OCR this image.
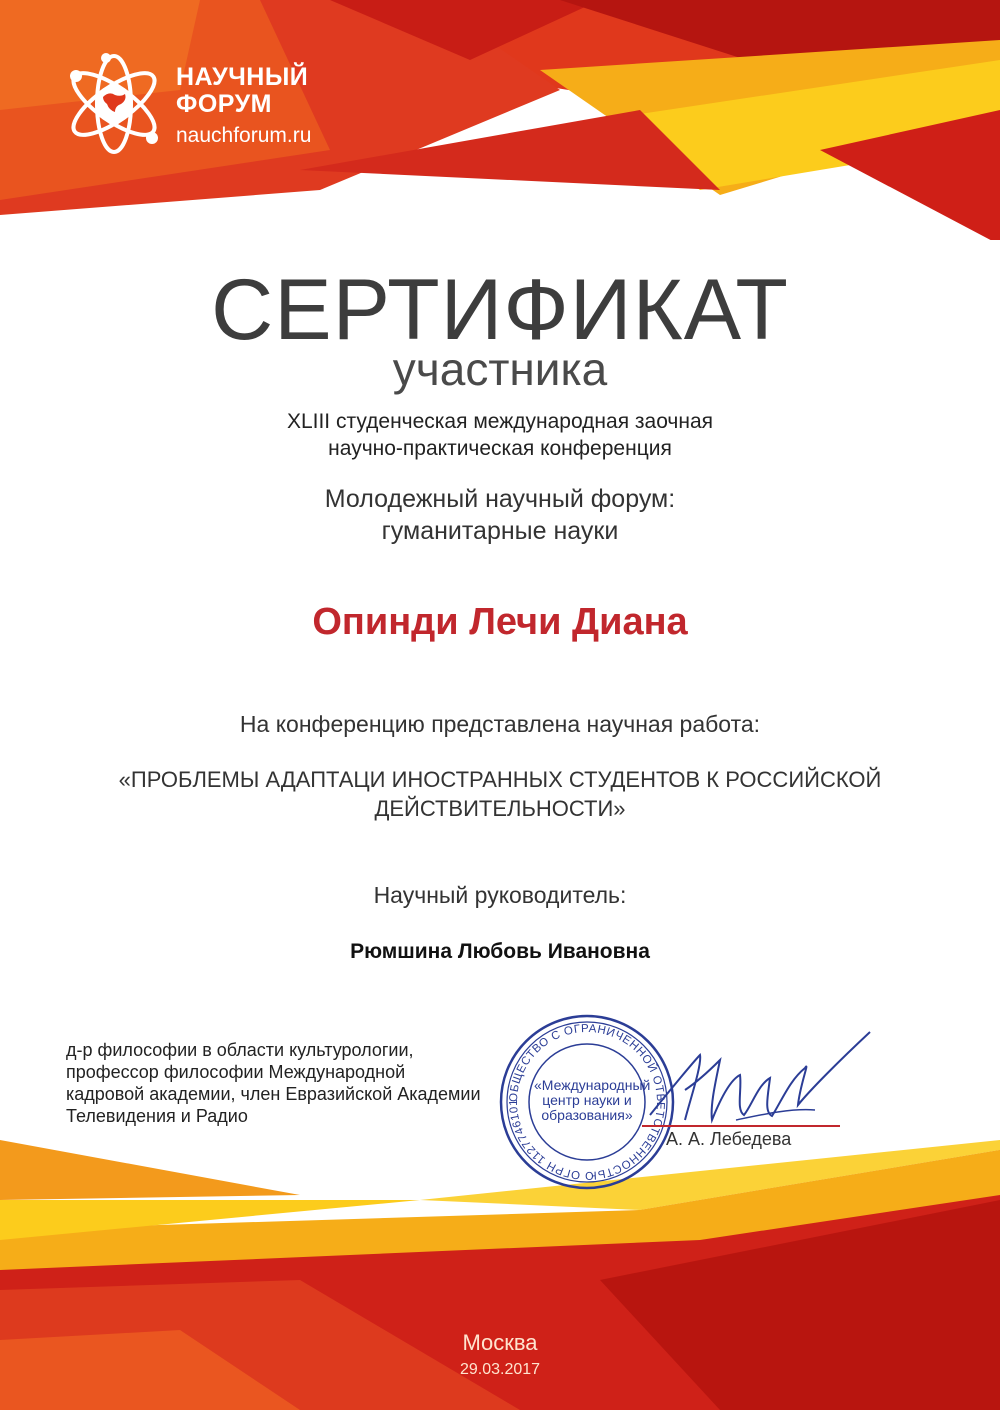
НАУЧНЫЙ
ФОРУМ
nauchforum.ru
СЕРТИФИКАТ
участника
XLIII студенческая международная заочная
научно-практическая конференция
Молодежный научный форум:
гуманитарные науки
Опинди Лечи Диана
На конференцию представлена научная работа:
«ПРОБЛЕМЫ АДАПТАЦИ ИНОСТРАННЫХ СТУДЕНТОВ К РОССИЙСКОЙ
ДЕЙСТВИТЕЛЬНОСТИ»
Научный руководитель:
Рюмшина Любовь Ивановна
д-р философии в области культурологии,
профессор философии Международной
кадровой академии, член Евразийской Академии
Телевидения и Радио
ОБЩЕСТВО С ОГРАНИЧЕННОЙ ОТВЕТСТВЕННОСТЬЮ ОГРН 1127746101
«Международный
центр науки и
образования»
А. А. Лебедева
Москва
29.03.2017
